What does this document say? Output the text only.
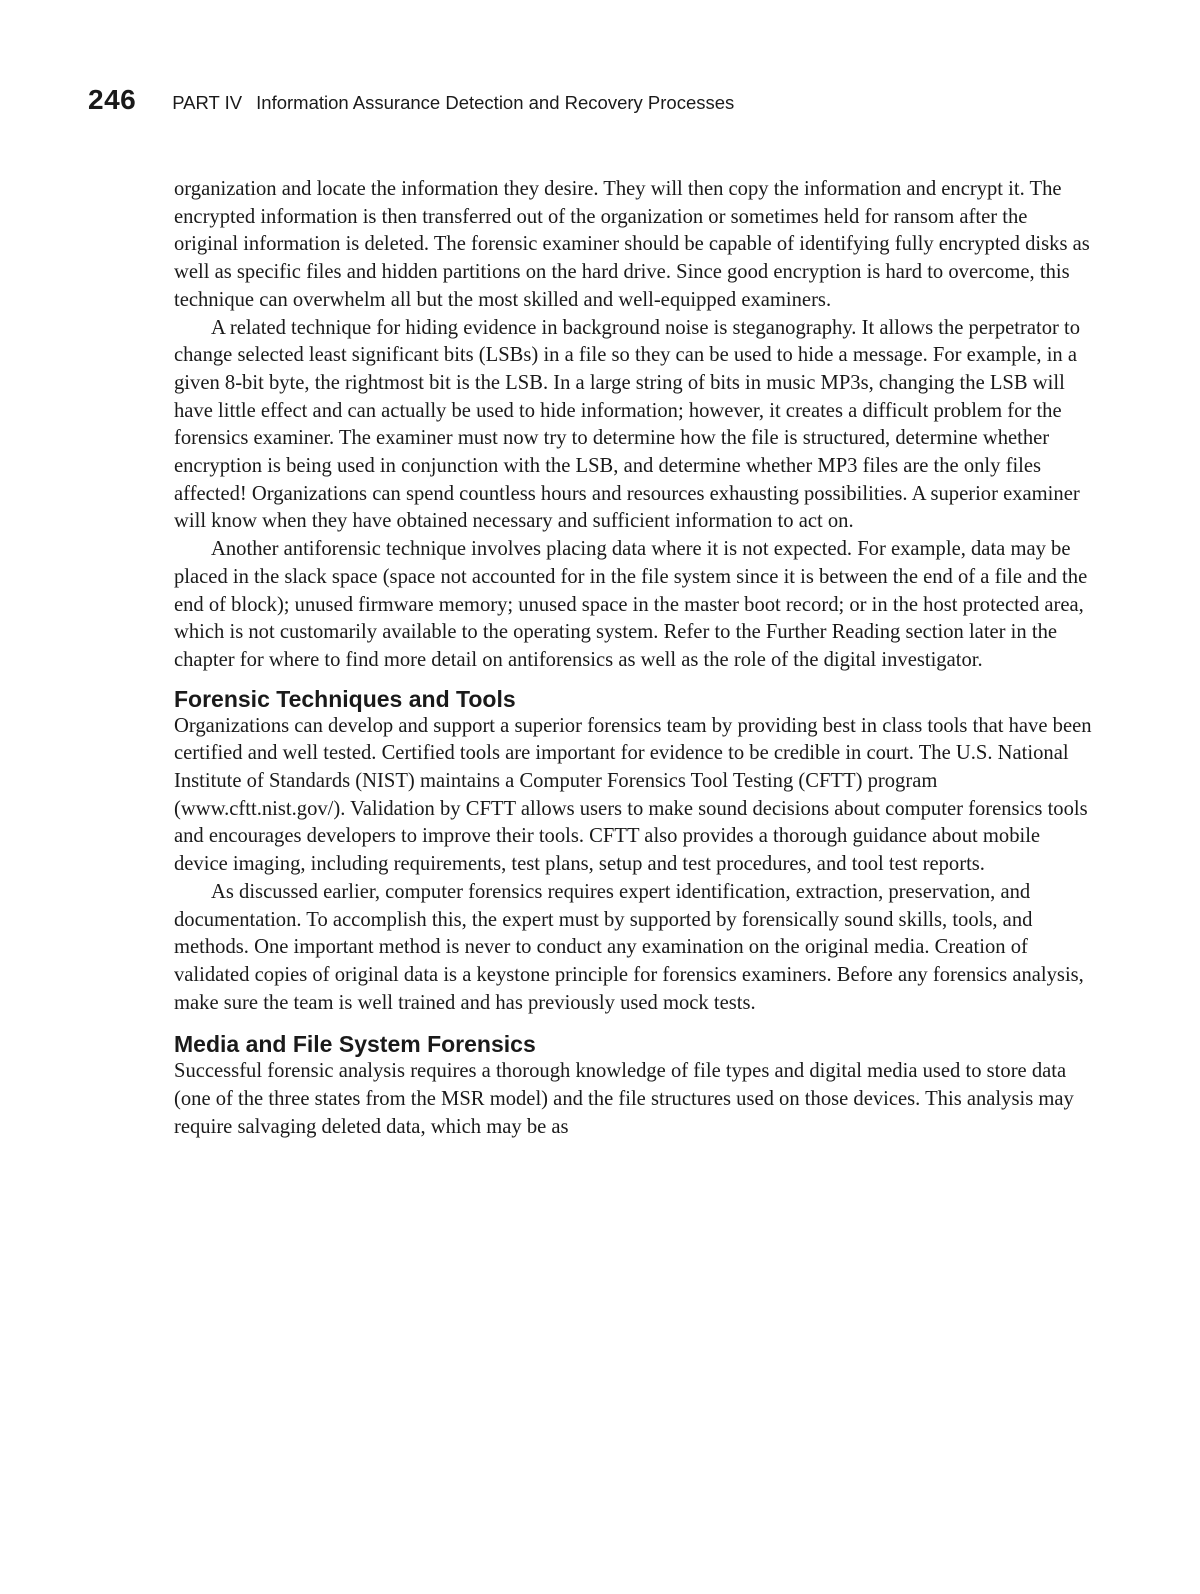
246 PART IV Information Assurance Detection and Recovery Processes

organization and locate the information they desire. They will then copy the information and encrypt it. The encrypted information is then transferred out of the organization or sometimes held for ransom after the original information is deleted. The forensic examiner should be capable of identifying fully encrypted disks as well as specific files and hidden partitions on the hard drive. Since good encryption is hard to overcome, this technique can overwhelm all but the most skilled and well-equipped examiners.

A related technique for hiding evidence in background noise is steganography. It allows the perpetrator to change selected least significant bits (LSBs) in a file so they can be used to hide a message. For example, in a given 8-bit byte, the rightmost bit is the LSB. In a large string of bits in music MP3s, changing the LSB will have little effect and can actually be used to hide information; however, it creates a difficult problem for the forensics examiner. The examiner must now try to determine how the file is structured, determine whether encryption is being used in conjunction with the LSB, and determine whether MP3 files are the only files affected! Organizations can spend countless hours and resources exhausting possibilities. A superior examiner will know when they have obtained necessary and sufficient information to act on.

Another antiforensic technique involves placing data where it is not expected. For example, data may be placed in the slack space (space not accounted for in the file system since it is between the end of a file and the end of block); unused firmware memory; unused space in the master boot record; or in the host protected area, which is not customarily available to the operating system. Refer to the Further Reading section later in the chapter for where to find more detail on antiforensics as well as the role of the digital investigator.

Forensic Techniques and Tools

Organizations can develop and support a superior forensics team by providing best in class tools that have been certified and well tested. Certified tools are important for evidence to be credible in court. The U.S. National Institute of Standards (NIST) maintains a Computer Forensics Tool Testing (CFTT) program (www.cftt.nist.gov/). Validation by CFTT allows users to make sound decisions about computer forensics tools and encourages developers to improve their tools. CFTT also provides a thorough guidance about mobile device imaging, including requirements, test plans, setup and test procedures, and tool test reports.

As discussed earlier, computer forensics requires expert identification, extraction, preservation, and documentation. To accomplish this, the expert must by supported by forensically sound skills, tools, and methods. One important method is never to conduct any examination on the original media. Creation of validated copies of original data is a keystone principle for forensics examiners. Before any forensics analysis, make sure the team is well trained and has previously used mock tests.

Media and File System Forensics

Successful forensic analysis requires a thorough knowledge of file types and digital media used to store data (one of the three states from the MSR model) and the file structures used on those devices. This analysis may require salvaging deleted data, which may be as
